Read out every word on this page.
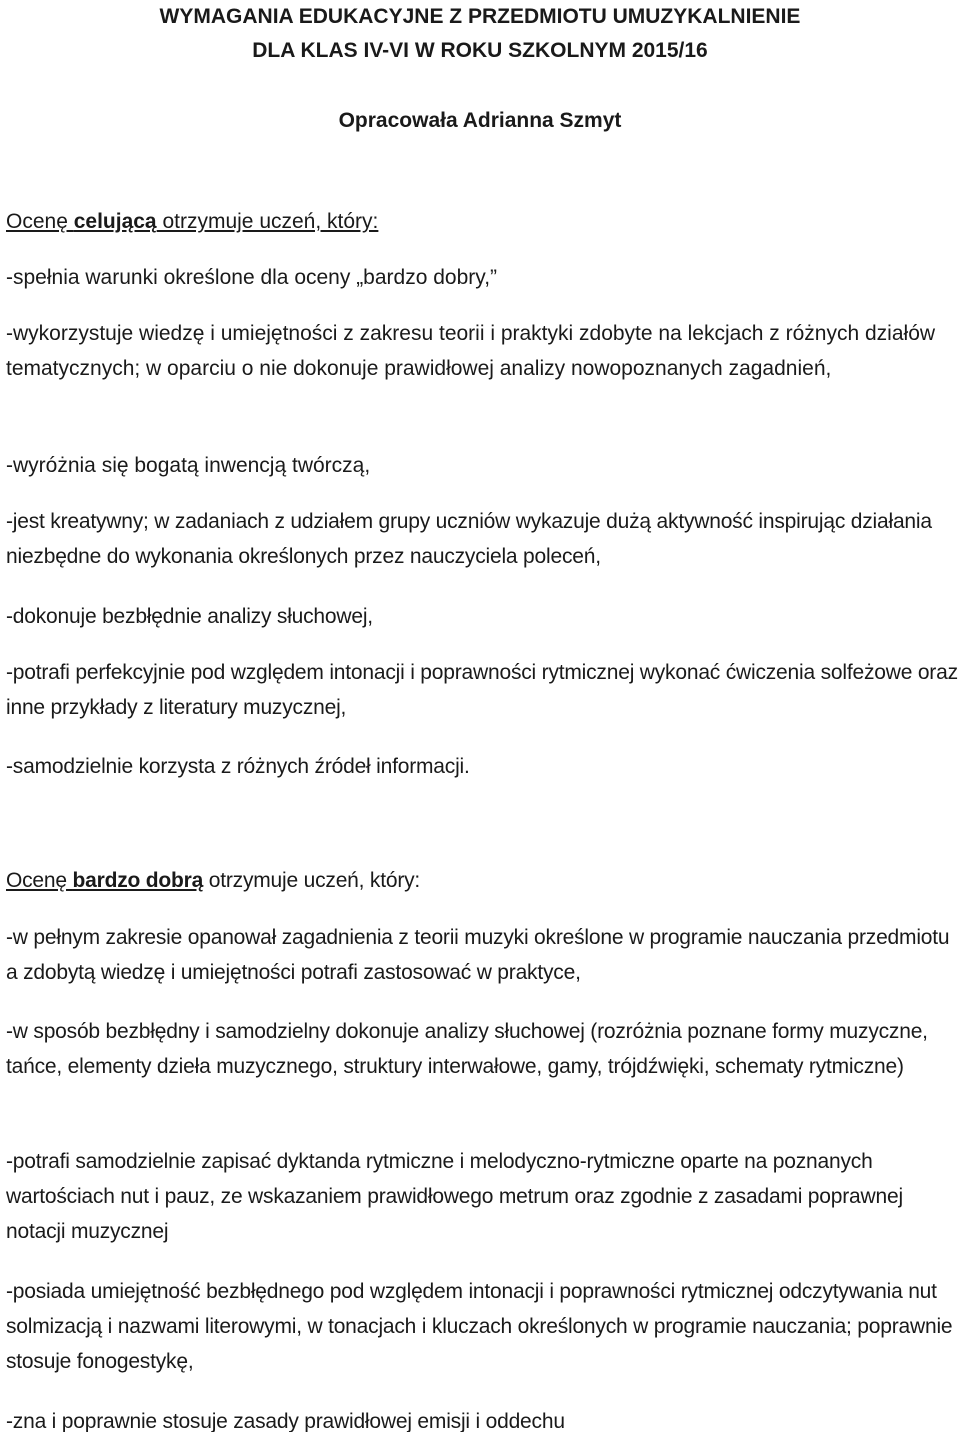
WYMAGANIA EDUKACYJNE Z PRZEDMIOTU UMUZYKALNIENIE
DLA KLAS IV-VI W ROKU SZKOLNYM 2015/16
Opracowała Adrianna Szmyt

Ocenę celującą otrzymuje uczeń, który:

-spełnia warunki określone dla oceny „bardzo dobry,”

-wykorzystuje wiedzę i umiejętności z zakresu teorii i praktyki zdobyte na lekcjach z różnych działów tematycznych; w oparciu o nie dokonuje prawidłowej analizy nowopoznanych zagadnień,

-wyróżnia się bogatą inwencją twórczą,

-jest kreatywny; w zadaniach z udziałem grupy uczniów wykazuje dużą aktywność inspirując działania niezbędne do wykonania określonych przez nauczyciela poleceń,

-dokonuje bezbłędnie analizy słuchowej,

-potrafi perfekcyjnie pod względem intonacji i poprawności rytmicznej wykonać ćwiczenia solfeżowe oraz inne przykłady z literatury muzycznej,

-samodzielnie korzysta z różnych źródeł informacji.

Ocenę bardzo dobrą otrzymuje uczeń, który:

-w pełnym zakresie opanował zagadnienia z teorii muzyki określone w programie nauczania przedmiotu a zdobytą wiedzę i umiejętności potrafi zastosować w praktyce,

-w sposób bezbłędny i samodzielny dokonuje analizy słuchowej (rozróżnia poznane formy muzyczne, tańce, elementy dzieła muzycznego, struktury interwałowe, gamy, trójdźwięki, schematy rytmiczne)

-potrafi samodzielnie zapisać dyktanda rytmiczne i melodyczno-rytmiczne oparte na poznanych wartościach nut i pauz, ze wskazaniem prawidłowego metrum oraz zgodnie z zasadami poprawnej notacji muzycznej

-posiada umiejętność bezbłędnego pod względem intonacji i poprawności rytmicznej odczytywania nut solmizacją i nazwami literowymi, w tonacjach i kluczach określonych w programie nauczania; poprawnie stosuje fonogestykę,

-zna i poprawnie stosuje zasady prawidłowej emisji i oddechu
